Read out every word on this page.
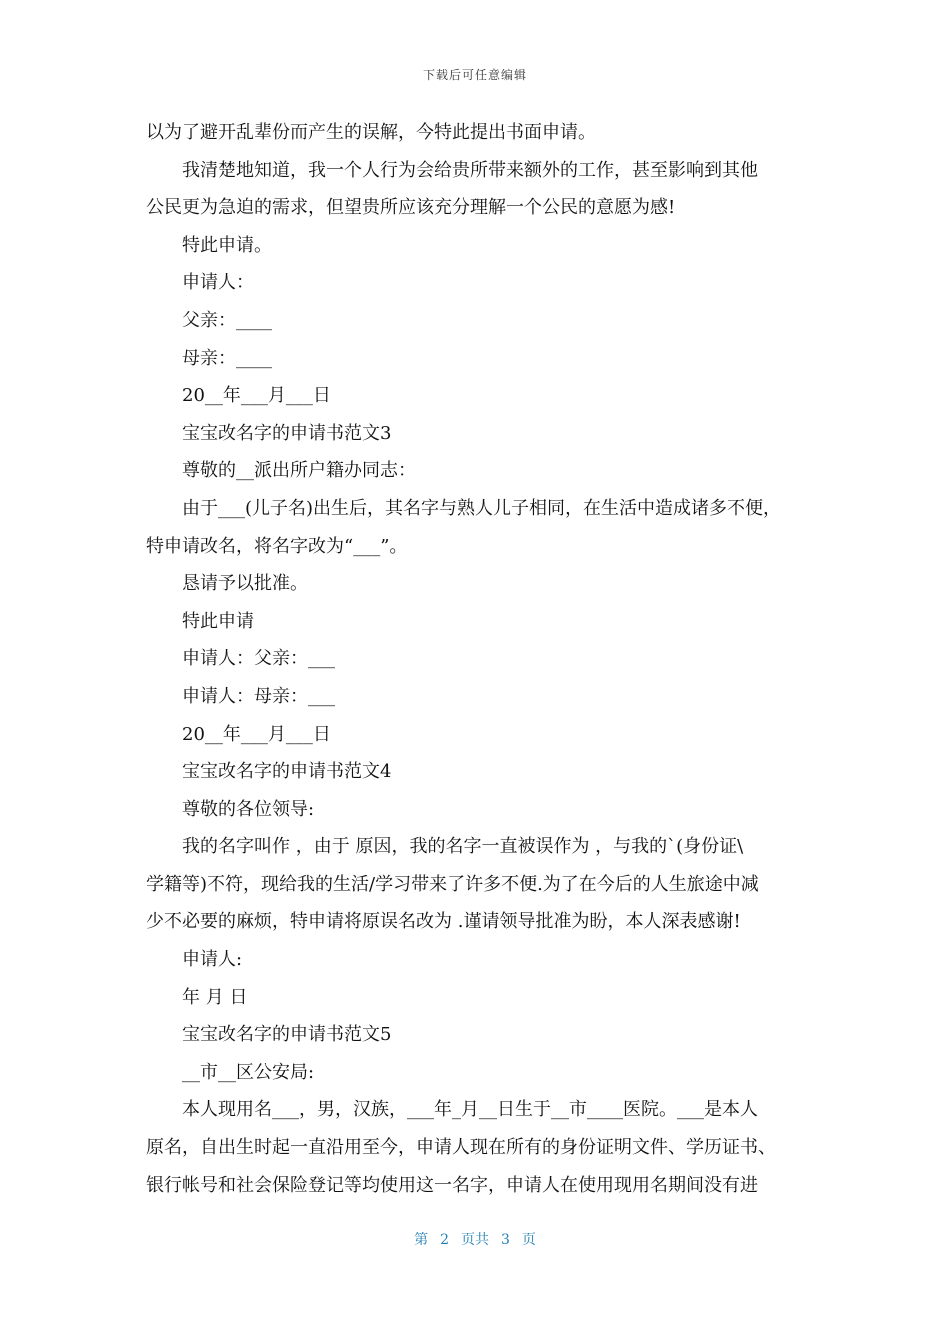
下载后可任意编辑
以为了避开乱辈份而产生的误解，今特此提出书面申请。
我清楚地知道，我一个人行为会给贵所带来额外的工作，甚至影响到其他
公民更为急迫的需求，但望贵所应该充分理解一个公民的意愿为感!
特此申请。
申请人：
父亲：____
母亲：____
20__年___月___日
宝宝改名字的申请书范文3
尊敬的__派出所户籍办同志：
由于___(儿子名)出生后，其名字与熟人儿子相同，在生活中造成诸多不便，
特申请改名，将名字改为“___”。
恳请予以批准。
特此申请
申请人：父亲：___
申请人：母亲：___
20__年___月___日
宝宝改名字的申请书范文4
尊敬的各位领导:
我的名字叫作 ，由于 原因，我的名字一直被误作为 ，与我的`(身份证\
学籍等)不符，现给我的生活/学习带来了许多不便.为了在今后的人生旅途中减
少不必要的麻烦，特申请将原误名改为 .谨请领导批准为盼，本人深表感谢!
申请人:
年 月 日
宝宝改名字的申请书范文5
__市__区公安局:
本人现用名___，男，汉族，___年_月__日生于__市____医院。___是本人
原名，自出生时起一直沿用至今，申请人现在所有的身份证明文件、学历证书、
银行帐号和社会保险登记等均使用这一名字，申请人在使用现用名期间没有进
第 2 页共 3 页
